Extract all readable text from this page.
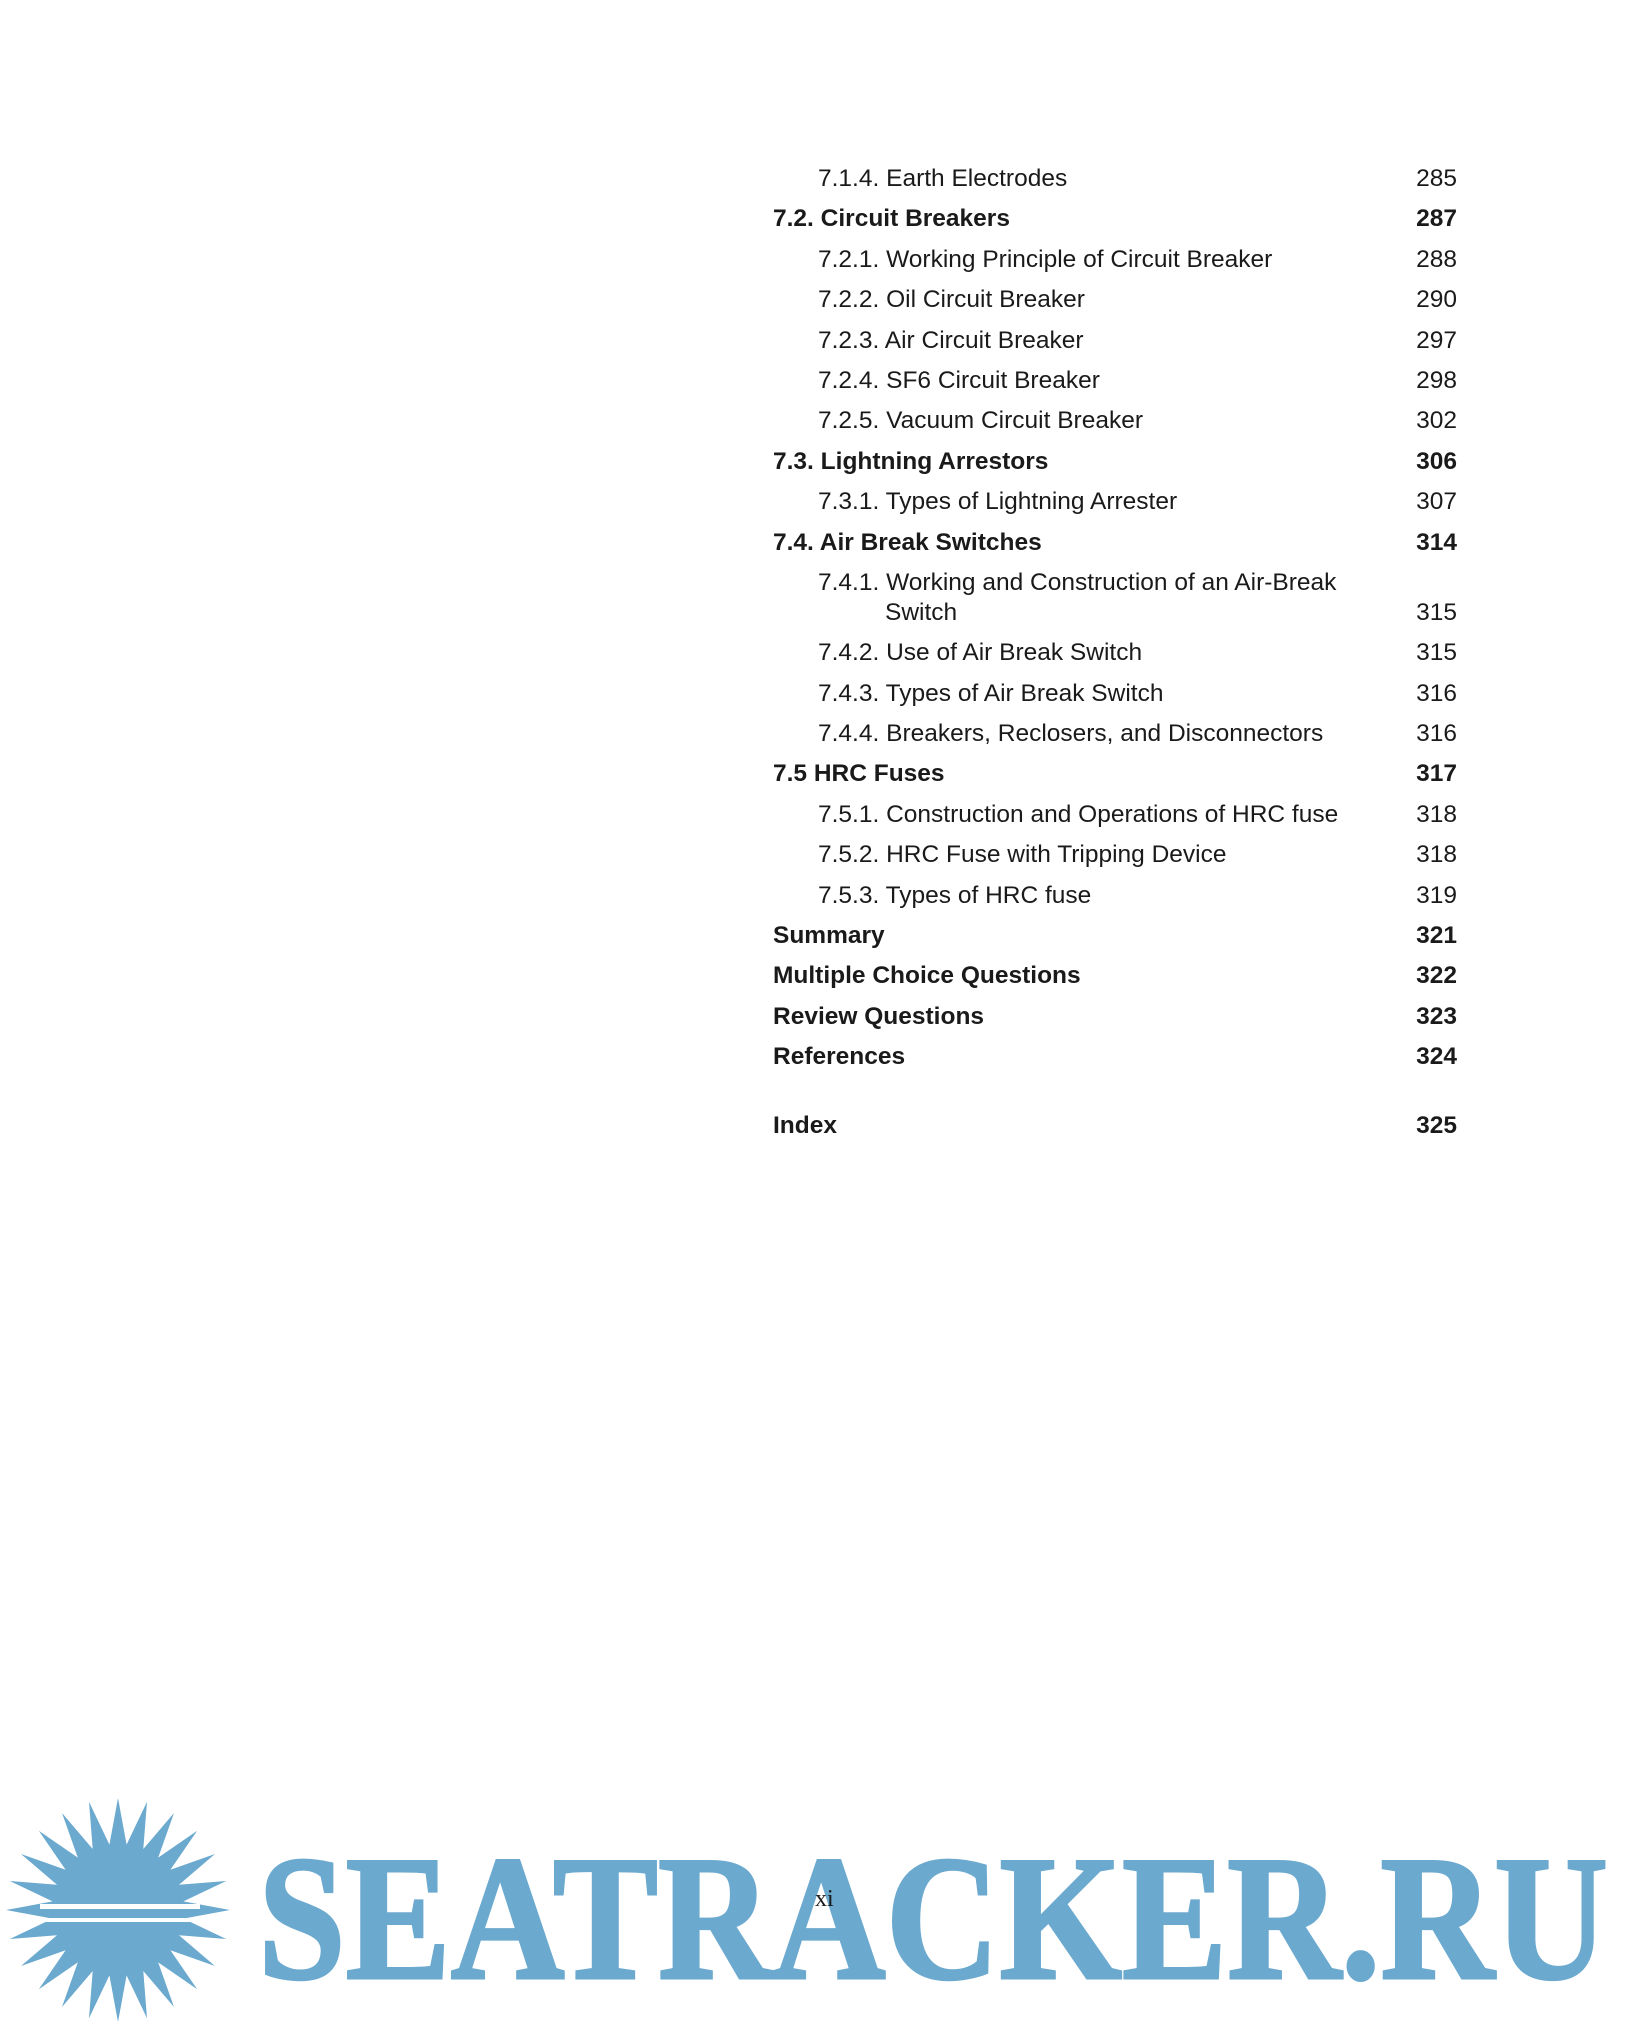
7.1.4. Earth Electrodes	285
7.2. Circuit Breakers	287
7.2.1. Working Principle of Circuit Breaker	288
7.2.2. Oil Circuit Breaker	290
7.2.3. Air Circuit Breaker	297
7.2.4. SF6 Circuit Breaker	298
7.2.5. Vacuum Circuit Breaker	302
7.3. Lightning Arrestors	306
7.3.1. Types of Lightning Arrester	307
7.4. Air Break Switches	314
7.4.1. Working and Construction of an Air-Break
Switch	315
7.4.2. Use of Air Break Switch	315
7.4.3. Types of Air Break Switch	316
7.4.4. Breakers, Reclosers, and Disconnectors	316
7.5 HRC Fuses	317
7.5.1. Construction and Operations of HRC fuse	318
7.5.2. HRC Fuse with Tripping Device	318
7.5.3. Types of HRC fuse	319
Summary	321
Multiple Choice Questions	322
Review Questions	323
References	324
Index	325
SEATRACKER.RU
xi
